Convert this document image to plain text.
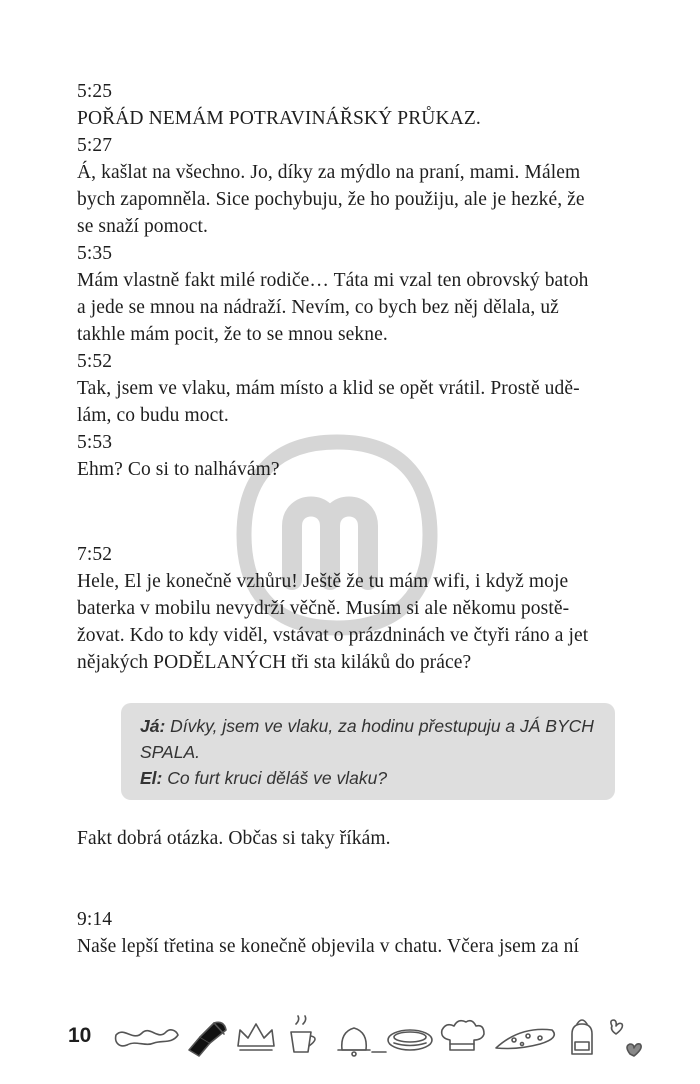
5:25

POŘÁD NEMÁM POTRAVINÁŘSKÝ PRŮKAZ.

5:27

Á, kašlat na všechno. Jo, díky za mýdlo na praní, mami. Málem

bych zapomněla. Sice pochybuju, že ho použiju, ale je hezké, že

se snaží pomoct.

5:35

Mám vlastně fakt milé rodiče… Táta mi vzal ten obrovský batoh

a jede se mnou na nádraží. Nevím, co bych bez něj dělala, už

takhle mám pocit, že to se mnou sekne.

5:52

Tak, jsem ve vlaku, mám místo a klid se opět vrátil. Prostě udě-

lám, co budu moct.

5:53

Ehm? Co si to nalhávám?

7:52

Hele, El je konečně vzhůru! Ještě že tu mám wifi, i když moje

baterka v mobilu nevydrží věčně. Musím si ale někomu postě-

žovat. Kdo to kdy viděl, vstávat o prázdninách ve čtyři ráno a jet

nějakých PODĚLANÝCH tři sta kiláků do práce?

Já: Dívky, jsem ve vlaku, za hodinu přestupuju a JÁ BYCH

SPALA.

El: Co furt kruci děláš ve vlaku?

Fakt dobrá otázka. Občas si taky říkám.

9:14

Naše lepší třetina se konečně objevila v chatu. Včera jsem za ní

10
